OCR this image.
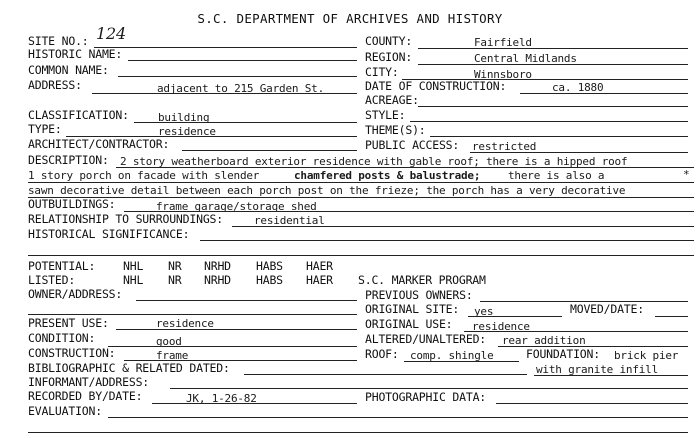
S.C. DEPARTMENT OF ARCHIVES AND HISTORY
SITE NO.: 124	COUNTY:	Fairfield
HISTORIC NAME:	REGION:	Central Midlands
COMMON NAME:	CITY:	Winnsboro
ADDRESS:	adjacent to 215 Garden St.	DATE OF CONSTRUCTION:	ca. 1880
ACREAGE:
CLASSIFICATION:	building	STYLE:
TYPE:	residence	THEME(S):
ARCHITECT/CONTRACTOR:	PUBLIC ACCESS: restricted
DESCRIPTION: 2 story weatherboard exterior residence with gable roof; there is a hipped roof
1 story porch on facade with slender	chamfered posts & balustrade;	there is also a	*
sawn decorative detail between each porch post on the frieze; the porch has a very decorative
OUTBUILDINGS:	frame garage/storage shed
RELATIONSHIP TO SURROUNDINGS:	residential
HISTORICAL SIGNIFICANCE:
POTENTIAL: NHL NR NRHD HABS HAER
LISTED:	NHL NR NRHD HABS HAER S.C. MARKER PROGRAM
OWNER/ADDRESS:	PREVIOUS OWNERS:
ORIGINAL SITE: yes	MOVED/DATE:
PRESENT USE:	residence	ORIGINAL USE: residence
CONDITION:	good	ALTERED/UNALTERED: rear addition
CONSTRUCTION:	frame	ROOF: comp. shingle	FOUNDATION: brick pier
with granite infill
BIBLIOGRAPHIC & RELATED DATED:
INFORMANT/ADDRESS:
RECORDED BY/DATE:	JK, 1-26-82	PHOTOGRAPHIC DATA:
EVALUATION:
